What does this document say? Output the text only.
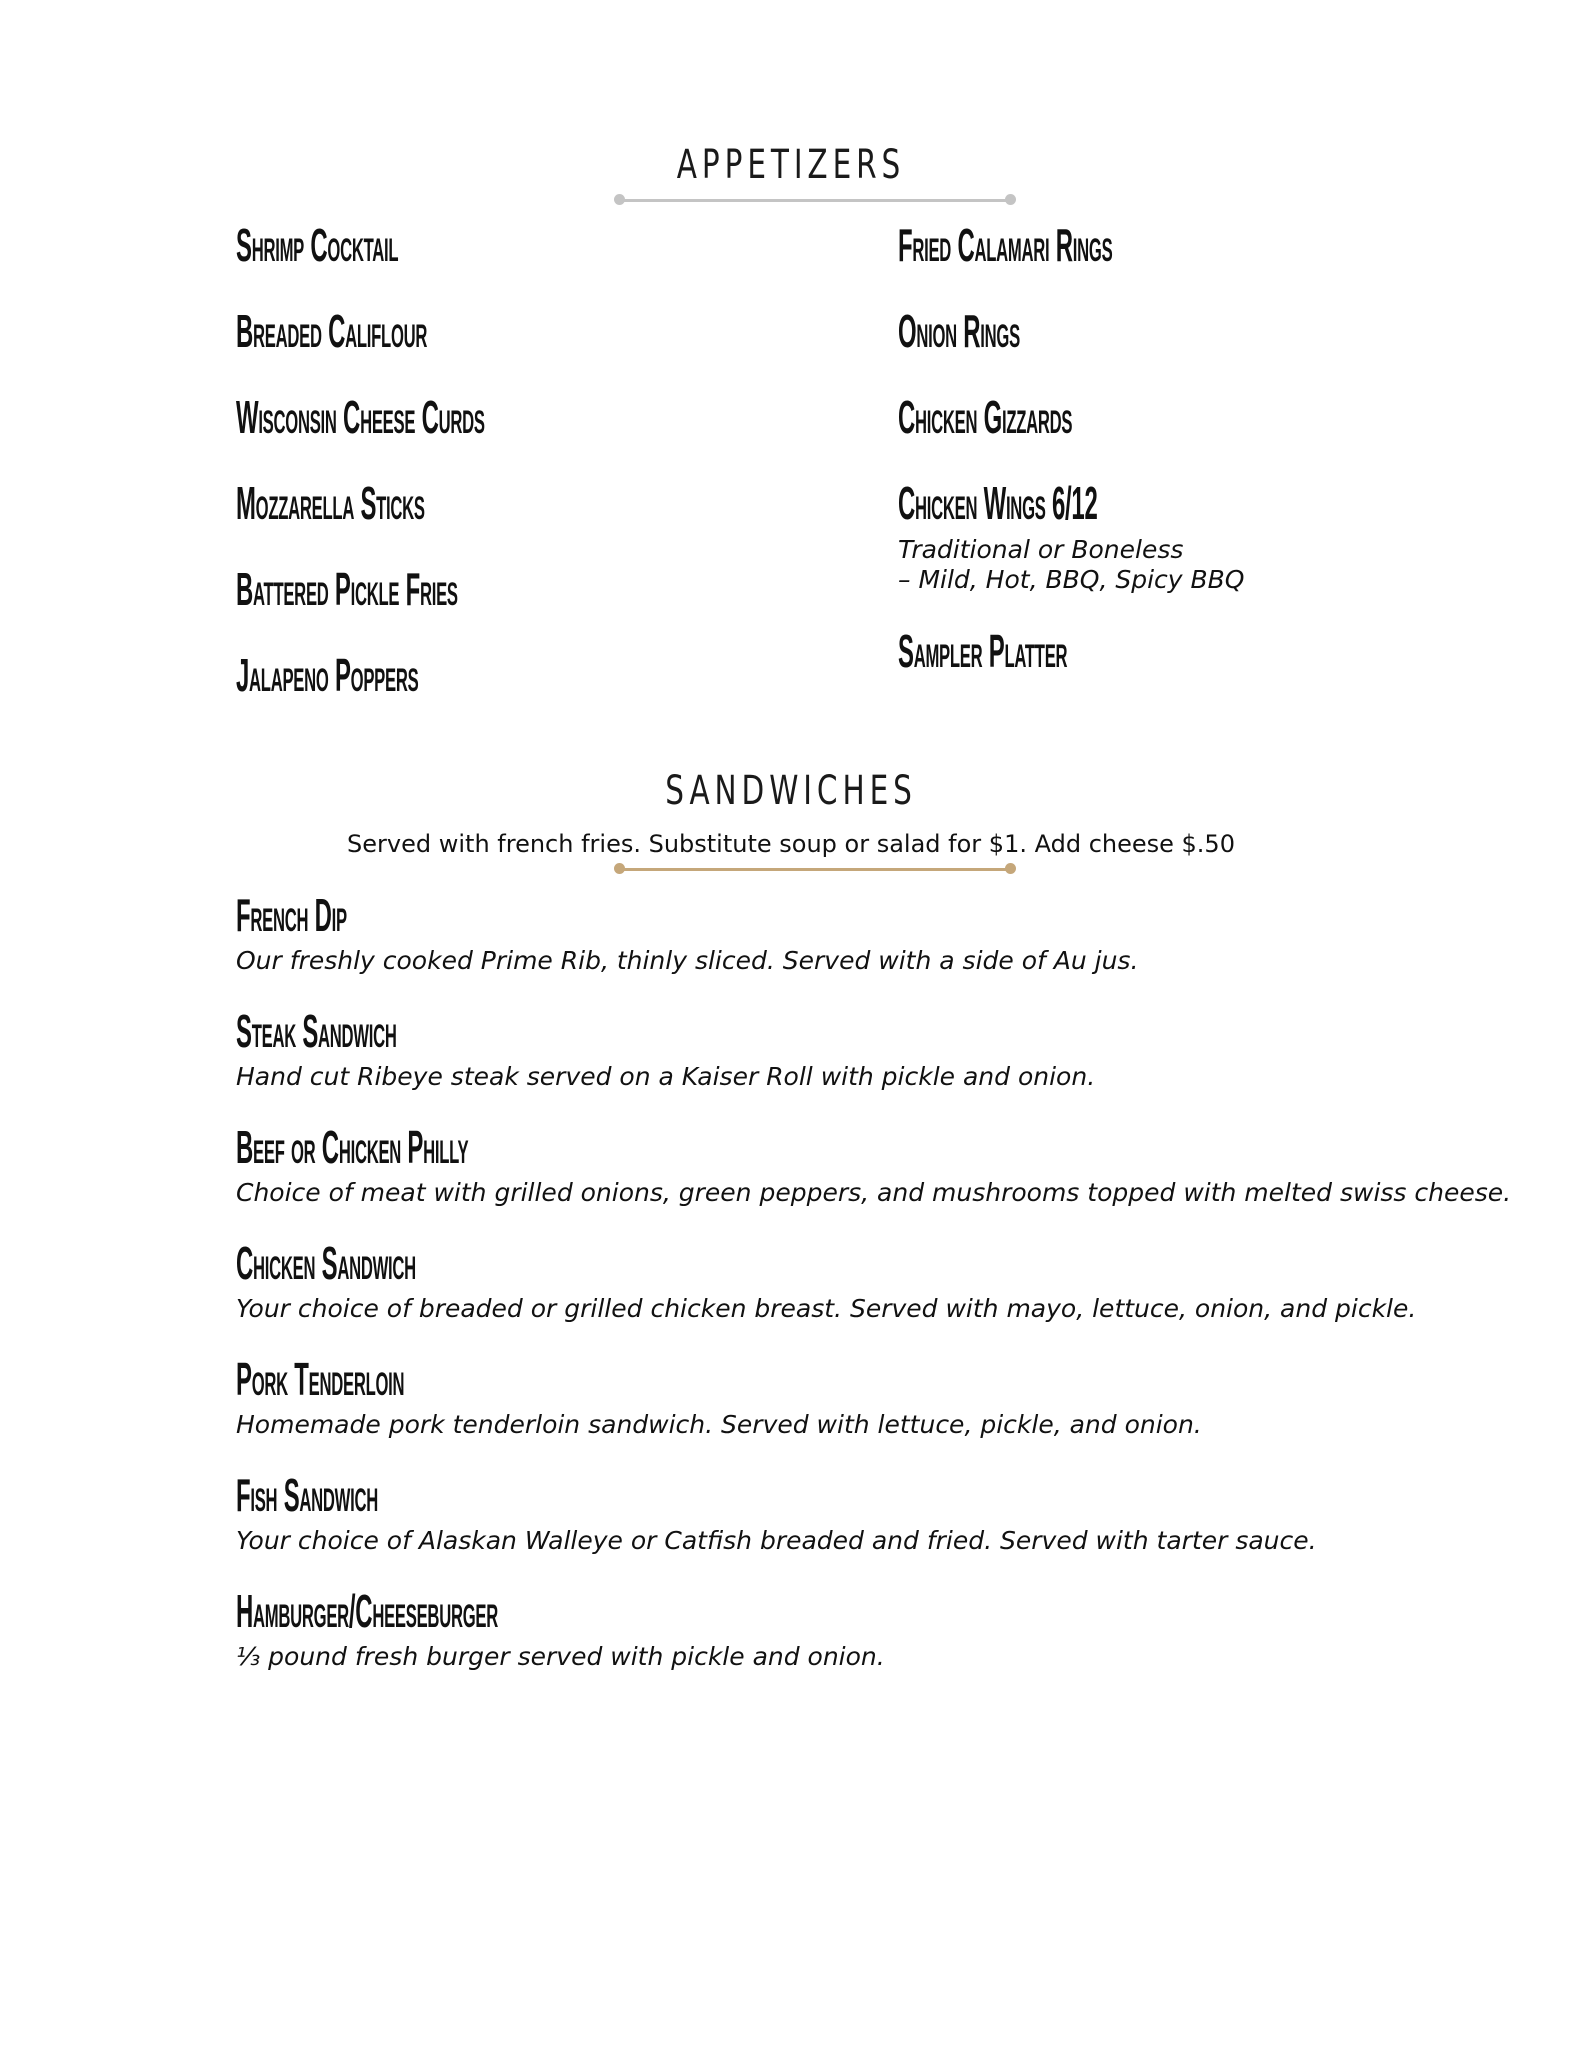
APPETIZERS
Shrimp Cocktail
Breaded Califlour
Wisconsin Cheese Curds
Mozzarella Sticks
Battered Pickle Fries
Jalapeno Poppers
Fried Calamari Rings
Onion Rings
Chicken Gizzards
Chicken Wings 6/12
Traditional or Boneless
– Mild, Hot, BBQ, Spicy BBQ
Sampler Platter
SANDWICHES
Served with french fries. Substitute soup or salad for $1. Add cheese $.50
French Dip
Our freshly cooked Prime Rib, thinly sliced. Served with a side of Au jus.
Steak Sandwich
Hand cut Ribeye steak served on a Kaiser Roll with pickle and onion.
Beef or Chicken Philly
Choice of meat with grilled onions, green peppers, and mushrooms topped with melted swiss cheese.
Chicken Sandwich
Your choice of breaded or grilled chicken breast. Served with mayo, lettuce, onion, and pickle.
Pork Tenderloin
Homemade pork tenderloin sandwich. Served with lettuce, pickle, and onion.
Fish Sandwich
Your choice of Alaskan Walleye or Catfish breaded and fried. Served with tarter sauce.
Hamburger/Cheeseburger
⅓ pound fresh burger served with pickle and onion.
